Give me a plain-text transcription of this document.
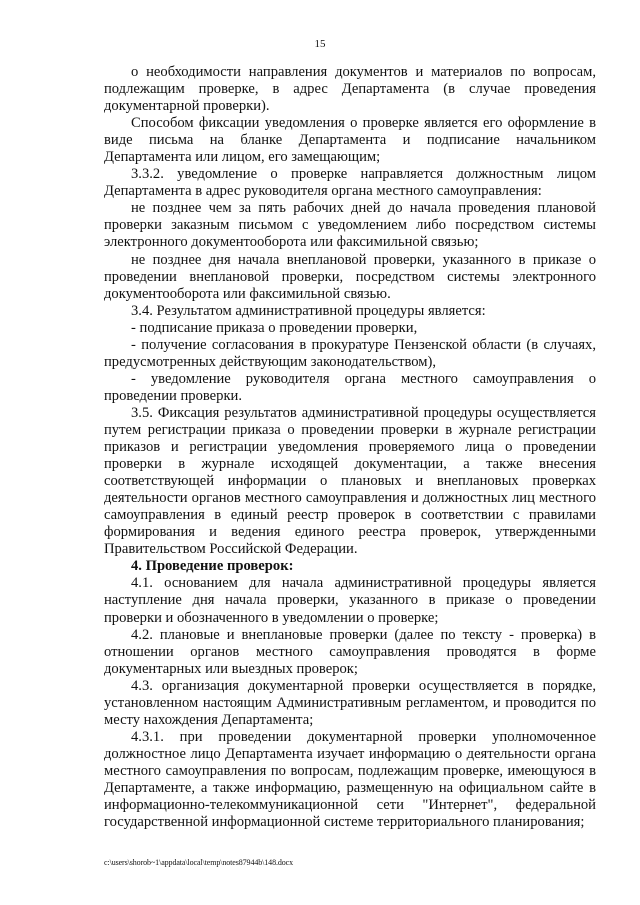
15

о необходимости направления документов и материалов по вопросам, подлежащим проверке, в адрес Департамента (в случае проведения документарной проверки).

Способом фиксации уведомления о проверке является его оформление в виде письма на бланке Департамента и подписание начальником Департамента или лицом, его замещающим;

3.3.2. уведомление о проверке направляется должностным лицом Департамента в адрес руководителя органа местного самоуправления:

не позднее чем за пять рабочих дней до начала проведения плановой проверки заказным письмом с уведомлением либо посредством системы электронного документооборота или факсимильной связью;

не позднее дня начала внеплановой проверки, указанного в приказе о проведении внеплановой проверки, посредством системы электронного документооборота или факсимильной связью.

3.4. Результатом административной процедуры является:

- подписание приказа о проведении проверки,

- получение согласования в прокуратуре Пензенской области (в случаях, предусмотренных действующим законодательством),

- уведомление руководителя органа местного самоуправления о проведении проверки.

3.5. Фиксация результатов административной процедуры осуществляется путем регистрации приказа о проведении проверки в журнале регистрации приказов и регистрации уведомления проверяемого лица о проведении проверки в журнале исходящей документации, а также внесения соответствующей информации о плановых и внеплановых проверках деятельности органов местного самоуправления и должностных лиц местного самоуправления в единый реестр проверок в соответствии с правилами формирования и ведения единого реестра проверок, утвержденными Правительством Российской Федерации.

4. Проведение проверок:

4.1. основанием для начала административной процедуры является наступление дня начала проверки, указанного в приказе о проведении проверки и обозначенного в уведомлении о проверке;

4.2. плановые и внеплановые проверки (далее по тексту - проверка) в отношении органов местного самоуправления проводятся в форме документарных или выездных проверок;

4.3. организация документарной проверки осуществляется в порядке, установленном настоящим Административным регламентом, и проводится по месту нахождения Департамента;

4.3.1. при проведении документарной проверки уполномоченное должностное лицо Департамента изучает информацию о деятельности органа местного самоуправления по вопросам, подлежащим проверке, имеющуюся в Департаменте, а также информацию, размещенную на официальном сайте в информационно-телекоммуникационной сети "Интернет", федеральной государственной информационной системе территориального планирования;

c:\users\shorob~1\appdata\local\temp\notes87944b\148.docx
